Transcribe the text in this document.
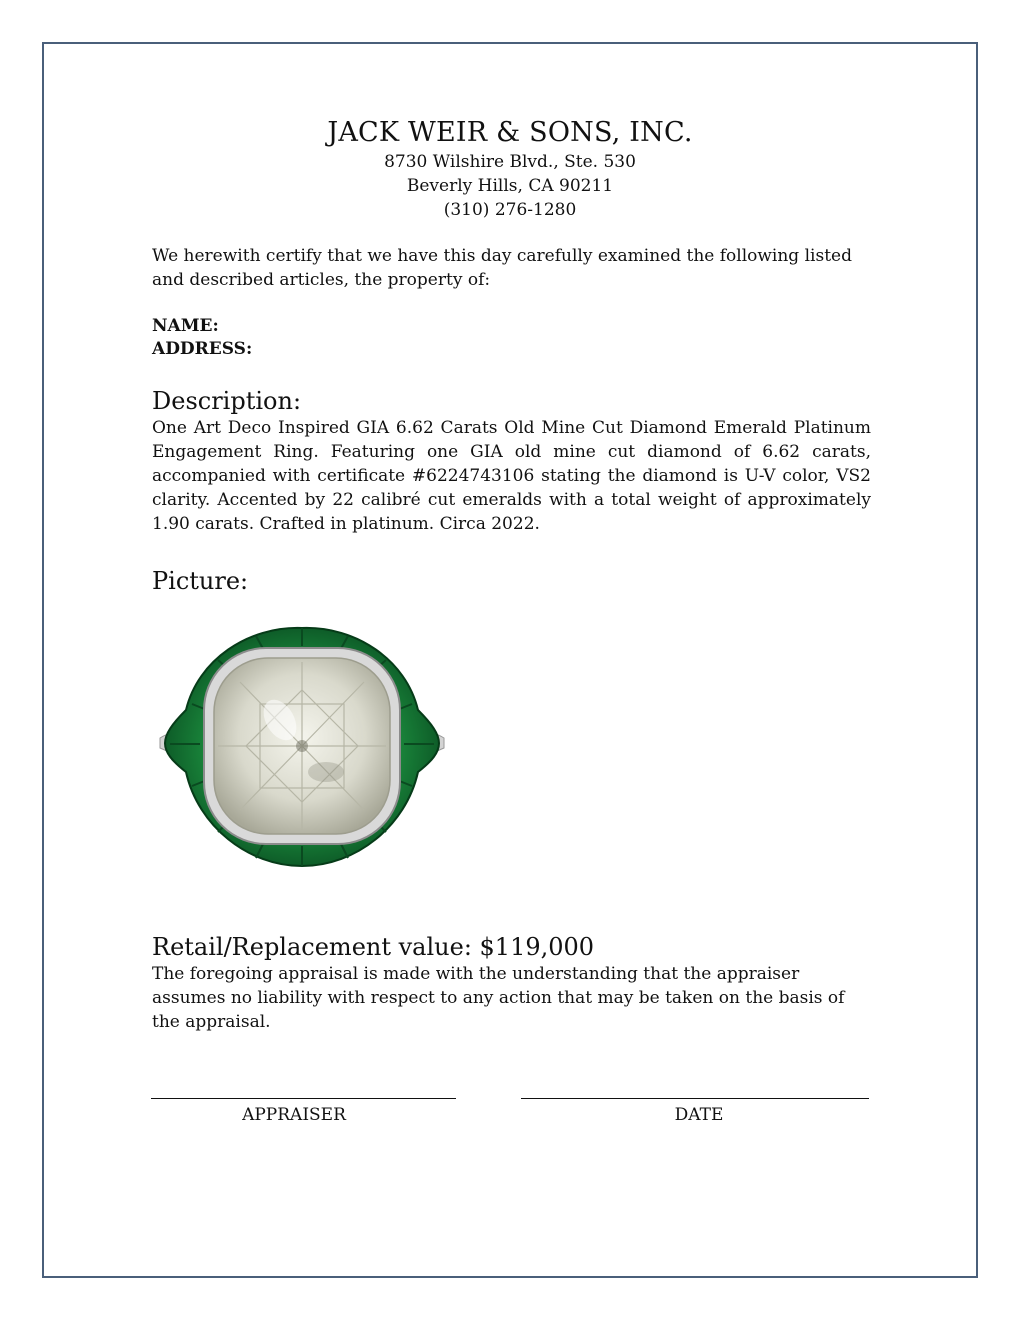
JACK WEIR & SONS, INC.
8730 Wilshire Blvd., Ste. 530
Beverly Hills, CA 90211
(310) 276-1280
We herewith certify that we have this day carefully examined the following listed and described articles, the property of:
NAME:
ADDRESS:
Description:
One Art Deco Inspired GIA 6.62 Carats Old Mine Cut Diamond Emerald Platinum Engagement Ring. Featuring one GIA old mine cut diamond of 6.62 carats, accompanied with certificate #6224743106 stating the diamond is U-V color, VS2 clarity. Accented by 22 calibré cut emeralds with a total weight of approximately 1.90 carats. Crafted in platinum. Circa 2022.
Picture:
Retail/Replacement value: $119,000
The foregoing appraisal is made with the understanding that the appraiser assumes no liability with respect to any action that may be taken on the basis of the appraisal.
APPRAISER	DATE
